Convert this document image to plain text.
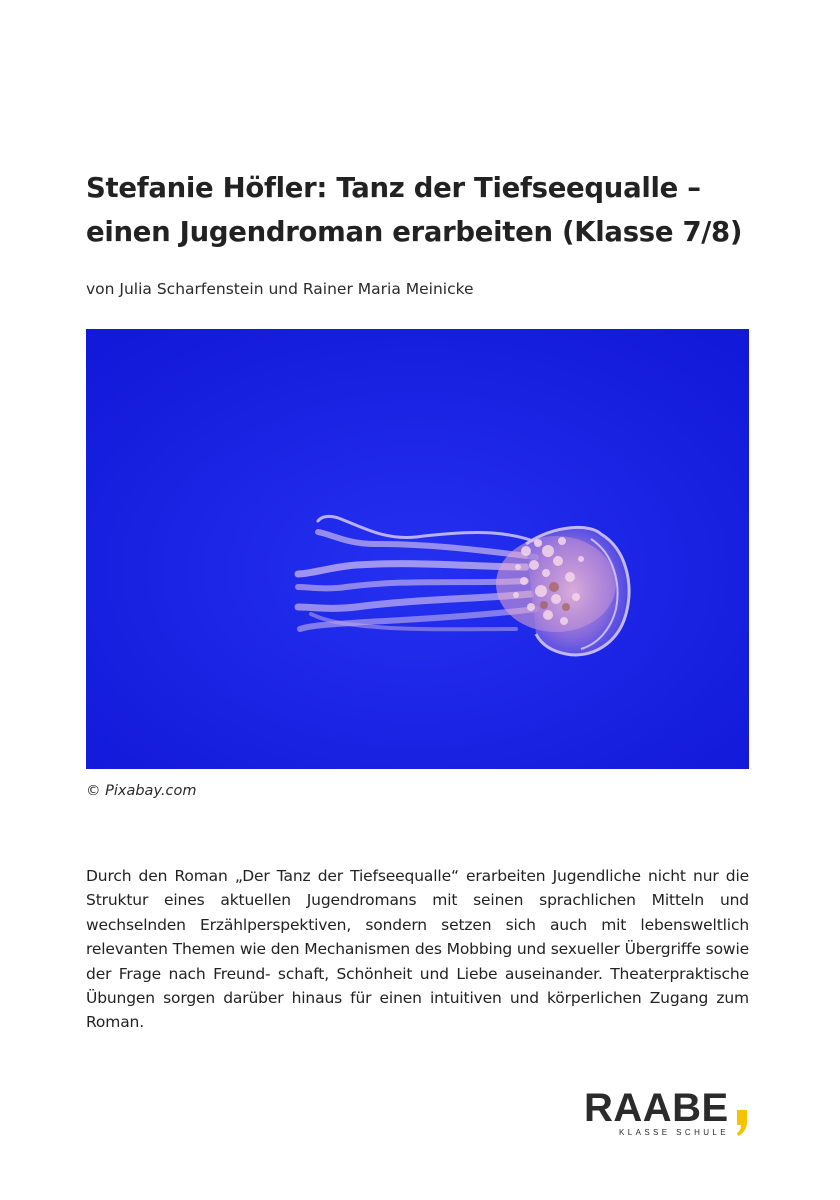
Stefanie Höfler: Tanz der Tiefseequalle – einen Jugendroman erarbeiten (Klasse 7/8)

von Julia Scharfenstein und Rainer Maria Meinicke

© Pixabay.com

Durch den Roman „Der Tanz der Tiefseequalle“ erarbeiten Jugendliche nicht nur die Struktur eines aktuellen Jugendromans mit seinen sprachlichen Mitteln und wechselnden Erzählperspektiven, sondern setzen sich auch mit lebensweltlich relevanten Themen wie den Mechanismen des Mobbing und sexueller Übergriffe sowie der Frage nach Freund- schaft, Schönheit und Liebe auseinander. Theaterpraktische Übungen sorgen darüber hinaus für einen intuitiven und körperlichen Zugang zum Roman.

RAABE
KLASSE SCHULE
